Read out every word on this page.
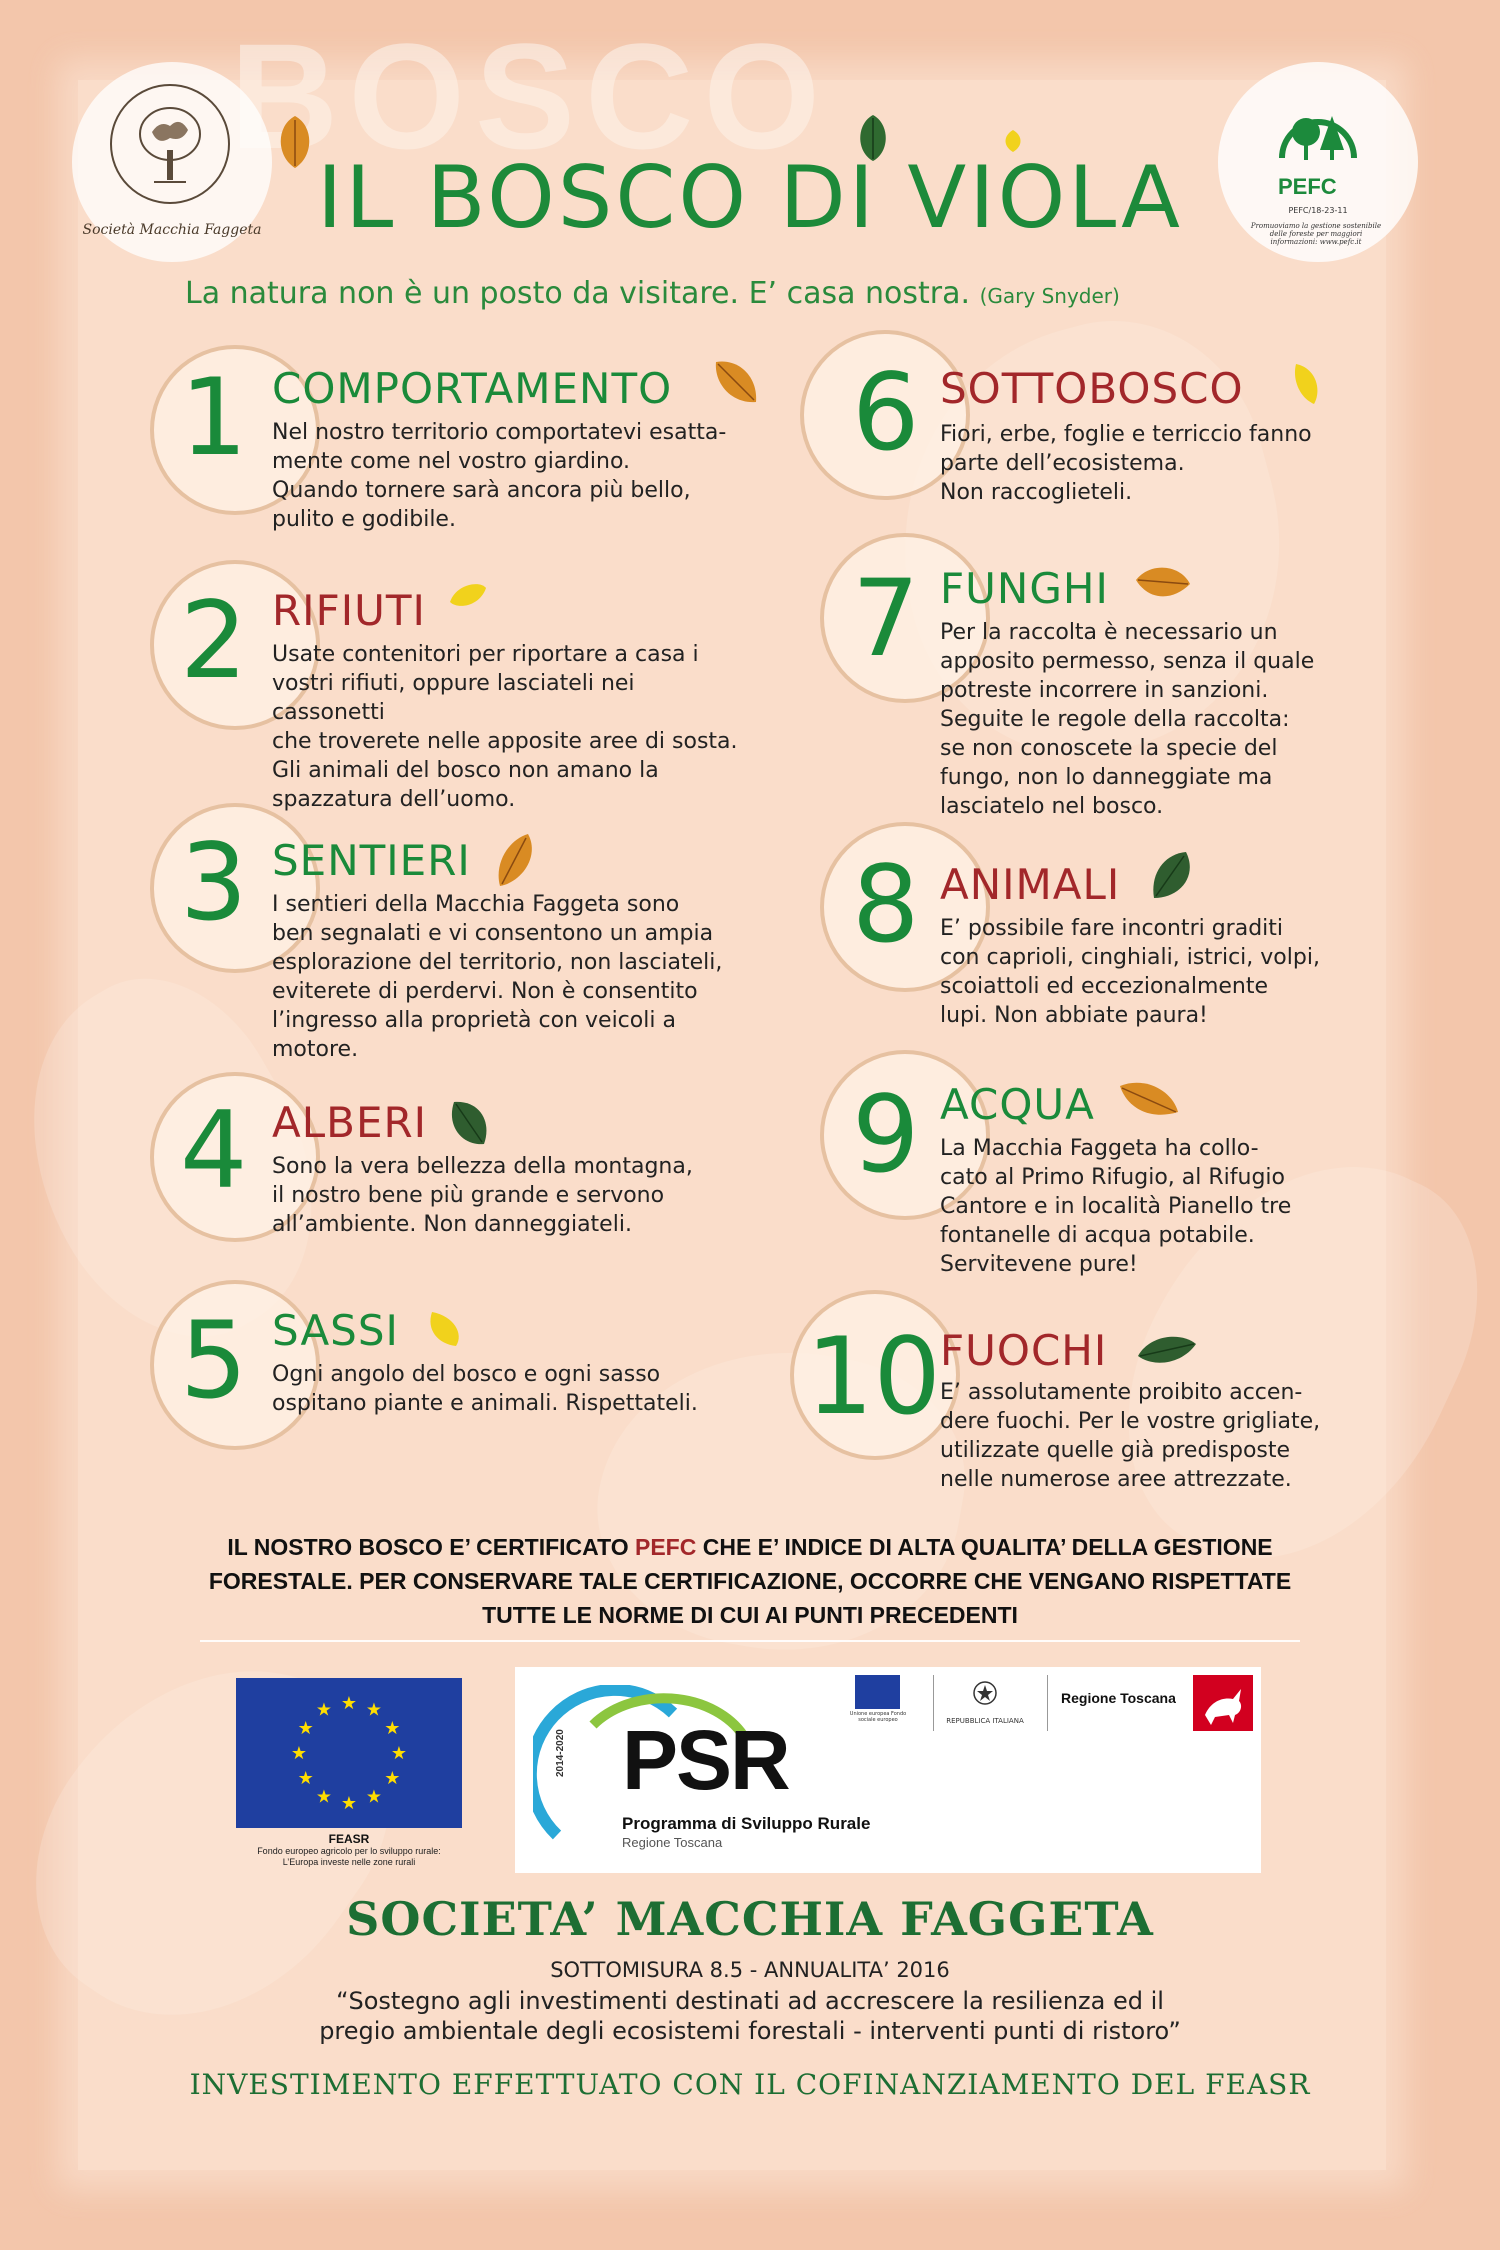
Società Macchia Faggeta
PEFC
PEFC/18-23-11
Promuoviamo la gestione sostenibile delle foreste per maggiori informazioni: www.pefc.it
IL BOSCO DI VIOLA
La natura non è un posto da visitare. E’ casa nostra. (Gary Snyder)
1 COMPORTAMENTO
Nel nostro territorio comportatevi esatta-
mente come nel vostro giardino.
Quando tornere sarà ancora più bello,
pulito e godibile.
2 RIFIUTI
Usate contenitori per riportare a casa i
vostri rifiuti, oppure lasciateli nei cassonetti
che troverete nelle apposite aree di sosta.
Gli animali del bosco non amano la
spazzatura dell’uomo.
3 SENTIERI
I sentieri della Macchia Faggeta sono
ben segnalati e vi consentono un ampia
esplorazione del territorio, non lasciateli,
eviterete di perdervi. Non è consentito
l’ingresso alla proprietà con veicoli a
motore.
4 ALBERI
Sono la vera bellezza della montagna,
il nostro bene più grande e servono
all’ambiente. Non danneggiateli.
5 SASSI
Ogni angolo del bosco e ogni sasso
ospitano piante e animali. Rispettateli.
6 SOTTOBOSCO
Fiori, erbe, foglie e terriccio fanno
parte dell’ecosistema.
Non raccoglieteli.
7 FUNGHI
Per la raccolta è necessario un
apposito permesso, senza il quale
potreste incorrere in sanzioni.
Seguite le regole della raccolta:
se non conoscete la specie del
fungo, non lo danneggiate ma
lasciatelo nel bosco.
8 ANIMALI
E’ possibile fare incontri graditi
con caprioli, cinghiali, istrici, volpi,
scoiattoli ed eccezionalmente
lupi. Non abbiate paura!
9 ACQUA
La Macchia Faggeta ha collo-
cato al Primo Rifugio, al Rifugio
Cantore e in località Pianello tre
fontanelle di acqua potabile.
Servitevene pure!
10 FUOCHI
E’ assolutamente proibito accen-
dere fuochi. Per le vostre grigliate,
utilizzate quelle già predisposte
nelle numerose aree attrezzate.
IL NOSTRO BOSCO E’ CERTIFICATO PEFC CHE E’ INDICE DI ALTA QUALITA’ DELLA GESTIONE
FORESTALE. PER CONSERVARE TALE CERTIFICAZIONE, OCCORRE CHE VENGANO RISPETTATE
TUTTE LE NORME DI CUI AI PUNTI PRECEDENTI
★
★
★
★
★
★
★
★
★ ★ ★
★
FEASR
Fondo europeo agricolo per lo sviluppo rurale:
L’Europa investe nelle zone rurali
2014-2020 PSR
Programma di Sviluppo Rurale
Regione Toscana
Unione europea Fondo sociale europeo	REPUBBLICA ITALIANA
Regione Toscana
SOCIETA’ MACCHIA FAGGETA
SOTTOMISURA 8.5 - ANNUALITA’ 2016
“Sostegno agli investimenti destinati ad accrescere la resilienza ed il
pregio ambientale degli ecosistemi forestali - interventi punti di ristoro”
INVESTIMENTO EFFETTUATO CON IL COFINANZIAMENTO DEL FEASR
